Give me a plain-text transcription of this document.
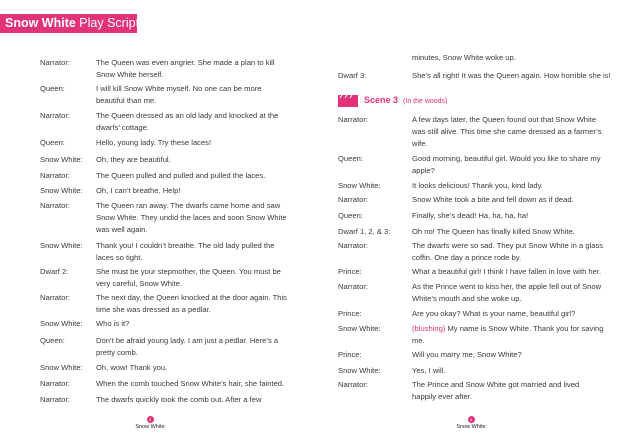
Snow White Play Script
Narrator:	The Queen was even angrier. She made a plan to kill
Snow White herself.
Queen:	I will kill Snow White myself. No one can be more
beautiful than me.
Narrator:	The Queen dressed as an old lady and knocked at the
dwarfs’ cottage.
Queen:	Hello, young lady. Try these laces!
Snow White: Oh, they are beautiful.
Narrator:	The Queen pulled and pulled and pulled the laces.
Snow White: Oh, I can’t breathe. Help!
Narrator:	The Queen ran away. The dwarfs came home and saw
Snow White. They undid the laces and soon Snow White
was well again.
Snow White: Thank you! I couldn’t breathe. The old lady pulled the
laces so tight.
Dwarf 2:	She must be your stepmother, the Queen. You must be
very careful, Snow White.
Narrator:	The next day, the Queen knocked at the door again. This
time she was dressed as a pedlar.
Snow White: Who is it?
Queen:	Don’t be afraid young lady. I am just a pedlar. Here’s a
pretty comb.
Snow White: Oh, wow! Thank you.
Narrator:	When the comb touched Snow White’s hair, she fainted.
Narrator:	The dwarfs quickly took the comb out. After a few
minutes, Snow White woke up.
Dwarf 3:	She’s all right! It was the Queen again. How horrible she is!
Scene 3 (In the woods)
Narrator:	A few days later, the Queen found out that Snow White
was still alive. This time she came dressed as a farmer’s
wife.
Queen:	Good morning, beautiful girl. Would you like to share my
apple?
Snow White:	It looks delicious! Thank you, kind lady.
Narrator:	Snow White took a bite and fell down as if dead.
Queen:	Finally, she’s dead! Ha, ha, ha, ha!
Dwarf 1, 2, & 3:	Oh no! The Queen has finally killed Snow White.
Narrator:	The dwarfs were so sad. They put Snow White in a glass
coffin. One day a prince rode by.
Prince:	What a beautiful girl! I think I have fallen in love with her.
Narrator:	As the Prince went to kiss her, the apple fell out of Snow
White’s mouth and she woke up.
Prince:	Are you okay? What is your name, beautiful girl?
Snow White:	(blushing) My name is Snow White. Thank you for saving
me.
Prince:	Will you marry me, Snow White?
Snow White:	Yes, I will.
Narrator:	The Prince and Snow White got married and lived
happily ever after.
3
Snow White
4
Snow White
